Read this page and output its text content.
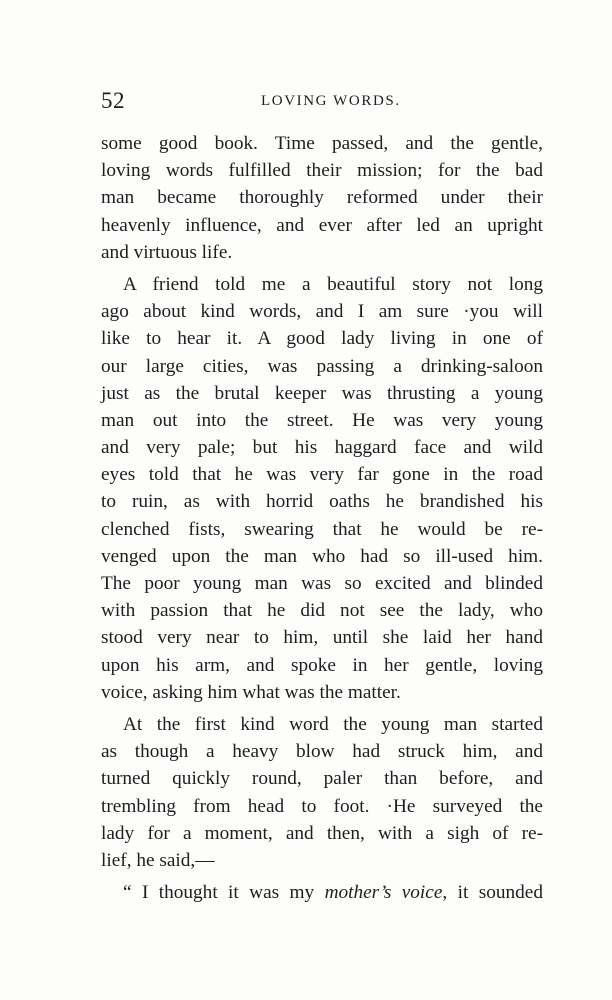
52	LOVING WORDS.
some good book. Time passed, and the gentle,
loving words fulfilled their mission; for the bad
man became thoroughly reformed under their
heavenly influence, and ever after led an upright
and virtuous life.
A friend told me a beautiful story not long
ago about kind words, and I am sure ·you will
like to hear it. A good lady living in one of
our large cities, was passing a drinking-saloon
just as the brutal keeper was thrusting a young
man out into the street. He was very young
and very pale; but his haggard face and wild
eyes told that he was very far gone in the road
to ruin, as with horrid oaths he brandished his
clenched fists, swearing that he would be re-
venged upon the man who had so ill-used him.
The poor young man was so excited and blinded
with passion that he did not see the lady, who
stood very near to him, until she laid her hand
upon his arm, and spoke in her gentle, loving
voice, asking him what was the matter.
At the first kind word the young man started
as though a heavy blow had struck him, and
turned quickly round, paler than before, and
trembling from head to foot. ·He surveyed the
lady for a moment, and then, with a sigh of re-
lief, he said,—
“ I thought it was my mother’s voice, it sounded
